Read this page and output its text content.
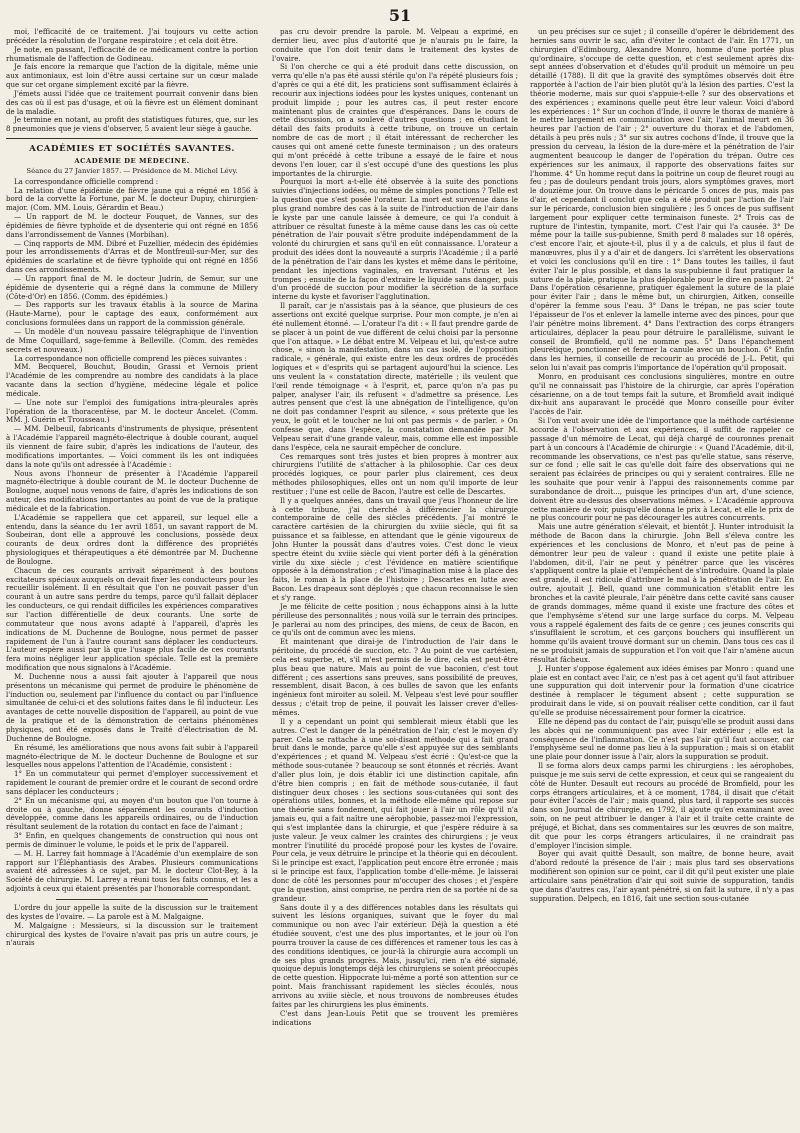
51

moi, l'efficacité de ce traitement. J'ai toujours vu cette action précéder la résolution de l'organe respiratoire ; et cela doit être.

Je note, en passant, l'efficacité de ce médicament contre la portion rhumatismale de l'affection de Godineau.

Je fais encore la remarque que l'action de la digitale, même unie aux antimoniaux, est loin d'être aussi certaine sur un cœur malade que sur cet organe simplement excité par la fièvre.

J'émets aussi l'idée que ce traitement pourrait convenir dans bien des cas où il est pas d'usage, et où la fièvre est un élément dominant de la maladie.

Je termine en notant, au profit des statistiques futures, que, sur les 8 pneumonies que je viens d'observer, 5 avaient leur siège à gauche.

ACADÉMIES ET SOCIÉTÉS SAVANTES.
ACADÉMIE DE MÉDECINE.
Séance du 27 Janvier 1857. — Présidence de M. Michel Lévy.

La correspondance officielle comprend :

La relation d'une épidémie de fièvre jaune qui a régné en 1856 à bord de la corvette la Fortune, par M. le docteur Dupuy, chirurgien-major. (Com. MM. Louis, Gérardin et Beau.)

— Un rapport de M. le docteur Fouquet, de Vannes, sur des épidémies de fièvre typhoïde et de dysenterie qui ont régné en 1856 dans l'arrondissement de Vannes (Morbihan).

— Cinq rapports de MM. Dibré et Fuzellier, médecin des épidémies pour les arrondissements d'Arras et de Montfreuil-sur-Mer, sur des épidémies de scarlatine et de fièvre typhoïde qui ont régné en 1856 dans ces arrondissements.

— Un rapport final de M. le docteur Judrin, de Semur, sur une épidémie de dysenterie qui a régné dans la commune de Millery (Côte-d'Or) en 1856. (Comm. des épidémies.)

— Des rapports sur les travaux établis à la source de Marina (Haute-Marne), pour le captage des eaux, conformément aux conclusions formulées dans un rapport de la commission générale.

— Un modèle d'un nouveau passaire télégraphique de l'invention de Mme Coquillard, sage-femme à Belleville. (Comm. des remèdes secrets et nouveaux.)

La correspondance non officielle comprend les pièces suivantes :

MM. Becquerel, Bouchut, Boudin, Grassi et Vernois prient l'Académie de les comprendre au nombre des candidats à la place vacante dans la section d'hygiène, médecine légale et police médicale.

— Une note sur l'emploi des fumigations intra-pleurales après l'opération de la thoracentèse, par M. le docteur Ancelet. (Comm. MM. J. Guérin et Trousseau.)

— MM. Delbeuil, fabricants d'instruments de physique, présentent à l'Académie l'appareil magnéto-électrique à double courant, auquel ils viennent de faire subir, d'après les indications de l'auteur, des modifications importantes. — Voici comment ils les ont indiquées dans la note qu'ils ont adressée à l'Académie :

Nous avons l'honneur de présenter à l'Académie l'appareil magnéto-électrique à double courant de M. le docteur Duchenne de Boulogne, auquel nous venons de faire, d'après les indications de son auteur, des modifications importantes au point de vue de la pratique médicale et de la fabrication.

L'Académie se rappellera que cet appareil, sur lequel elle a entendu, dans la séance du 1er avril 1851, un savant rapport de M. Soubeiran, dont elle a approuvé les conclusions, possède deux courants de deux ordres dont la différence des propriétés physiologiques et thérapeutiques a été démontrée par M. Duchenne de Boulogne.

Chacun de ces courants arrivait séparément à des boutons excitateurs spéciaux auxquels on devait fixer les conducteurs pour les recueillir isolément. Il en résultait que l'on ne pouvait passer d'un courant à un autre sans perdre du temps, parce qu'il fallait déplacer les conducteurs, ce qui rendait difficiles les expériences comparatives sur l'action différentielle de deux courants. Une sorte de commutateur que nous avons adapté à l'appareil, d'après les indications de M. Duchenne de Boulogne, nous permet de passer rapidement de l'un à l'autre courant sans déplacer les conducteurs. L'auteur espère aussi par là que l'usage plus facile de ces courants fera moins négliger leur application spéciale. Telle est la première modification que nous signalons à l'Académie.

M. Duchenne nous a aussi fait ajouter à l'appareil que nous présentons un mécanisme qui permet de produire le phénomène de l'induction ou, seulement par l'influence du contact ou par l'influence simultanée de celui-ci et des solutions faites dans le fil inducteur. Les avantages de cette nouvelle disposition de l'appareil, au point de vue de la pratique et de la démonstration de certains phénomènes physiques, ont été exposés dans le Traité d'électrisation de M. Duchenne de Boulogne.

En résumé, les améliorations que nous avons fait subir à l'appareil magnéto-électrique de M. le docteur Duchenne de Boulogne et sur lesquelles nous appelons l'attention de l'Académie, consistent :

1° En un commutateur qui permet d'employer successivement et rapidement le courant de premier ordre et le courant de second ordre sans déplacer les conducteurs ;

2° En un mécanisme qui, au moyen d'un bouton que l'on tourne à droite ou à gauche, donne séparément les courants d'induction développée, comme dans les appareils ordinaires, ou de l'induction résultant seulement de la rotation du contact en face de l'aimant ;

3° Enfin, en quelques changements de construction qui nous ont permis de diminuer le volume, le poids et le prix de l'appareil.

— M. H. Larrey fait hommage à l'Académie d'un exemplaire de son rapport sur l'Éléphantiasis des Arabes. Plusieurs communications avaient été adressées à ce sujet, par M. le docteur Clot-Bey, à la Société de chirurgie. M. Larrey a réuni tous les faits connus, et les a adjoints à ceux qui étaient présentés par l'honorable correspondant.

L'ordre du jour appelle la suite de la discussion sur le traitement des kystes de l'ovaire. — La parole est à M. Malgaigne.

M. Malgaigne : Messieurs, si la discussion sur le traitement chirurgical des kystes de l'ovaire n'avait pas pris un autre cours, je n'aurais

pas cru devoir prendre la parole. M. Velpeau a exprimé, en dernier lieu, avec plus d'autorité que je n'aurais pu le faire, la conduite que l'on doit tenir dans le traitement des kystes de l'ovaire.

Si l'on cherche ce qui a été produit dans cette discussion, on verra qu'elle n'a pas été aussi stérile qu'on l'a répété plusieurs fois ; d'après ce qui a été dit, les praticiens sont suffisamment éclairés à recourir aux injections iodées pour les kystes uniques, contenant un produit limpide ; pour les autres cas, il peut rester encore maintenant plus de craintes que d'espérances. Dans le cours de cette discussion, on a soulevé d'autres questions ; en étudiant le détail des faits produits à cette tribune, on trouve un certain nombre de cas de mort ; il était intéressant de rechercher les causes qui ont amené cette funeste terminaison ; un des orateurs qui m'ont précédé à cette tribune a essayé de le faire et nous devons l'en louer, car il s'est occupé d'une des questions les plus importantes de la chirurgie.

Pourquoi la mort a-t-elle été observée à la suite des ponctions suivies d'injections iodées, ou même de simples ponctions ? Telle est la question que s'est posée l'orateur. La mort est survenue dans le plus grand nombre des cas à la suite de l'introduction de l'air dans le kyste par une canule laissée à demeure, ce qui l'a conduit à attribuer ce résultat funeste à la même cause dans les cas où cette pénétration de l'air pouvait s'être produite indépendamment de la volonté du chirurgien et sans qu'il en eût connaissance. L'orateur a produit des idées dont la nouveauté a surpris l'Académie ; il a parlé de la pénétration de l'air dans les kystes et même dans le péritoine, pendant les injections vaginales, en traversant l'utérus et les trompes ; ensuite de la façon d'extraire le liquide sans danger, puis d'un procédé de succion pour modifier la sécrétion de la surface interne du kyste et favoriser l'agglutination.

Il paraît, car je n'assistais pas à la séance, que plusieurs de ces assertions ont excité quelque surprise. Pour mon compte, je n'en ai été nullement étonné. — L'orateur l'a dit : « Il faut prendre garde de se placer à un point de vue différent de celui choisi par la personne que l'on attaque. » Le débat entre M. Velpeau et lui, qu'est-ce autre chose, « sinon la manifestation, dans un cas isolé, de l'opposition radicale, « générale, qui existe entre les deux ordres de procédés logiques et « d'esprits qui se partagent aujourd'hui la science. Les uns veulent la « constatation directe, matérielle ; ils veulent que l'œil rende témoignage « à l'esprit, et, parce qu'on n'a pas pu palper, analyser l'air, ils refusent « d'admettre sa présence. Les autres pensent que c'est là une abnégation de l'intelligence, qu'on ne doit pas condamner l'esprit au silence, « sous prétexte que les yeux, le goût et le toucher ne lui ont pas permis « de parler. » On confesse que, dans l'espèce, la constatation demandée par M. Velpeau serait d'une grande valeur, mais, comme elle est impossible dans l'espèce, cela ne saurait empêcher de conclure.

Ces remarques sont très justes et bien propres à montrer aux chirurgiens l'utilité de s'attacher à la philosophie. Car ces deux procédés logiques, ce pour parler plus clairement, ces deux méthodes philosophiques, elles ont un nom qu'il importe de leur restituer ; l'une est celle de Bacon, l'autre est celle de Descartes.

Il y a quelques années, dans un travail que j'eus l'honneur de lire à cette tribune, j'ai cherché à différencier la chirurgie contemporaine de celle des siècles précédents. J'ai montré le caractère cartésien de la chirurgien du xviiie siècle, qui fit sa puissance et sa faiblesse, en attendant que le génie vigoureux de John Hunter la poussât dans d'autres voies. C'est donc le vieux spectre éteint du xviiie siècle qui vient porter défi à la génération virile du xixe siècle ; c'est l'évidence en matière scientifique opposée à la démonstration ; c'est l'imagination mise à la place des faits, le roman à la place de l'histoire ; Descartes en lutte avec Bacon. Les drapeaux sont déployés ; que chacun reconnaisse le sien et s'y range.

Je me félicite de cette position ; nous échappons ainsi à la lutte périlleuse des personnalités ; nous voilà sur le terrain des principes. Je parlerai au nom des principes, des miens, de ceux de Bacon, en ce qu'ils ont de commun avec les miens.

Et maintenant que dirai-je de l'introduction de l'air dans le péritoine, du procédé de succion, etc. ? Au point de vue cartésien, cela est superbe, et, s'il m'est permis de le dire, cela est peut-être plus beau que nature. Mais au point de vue baconien, c'est tout différent ; ces assertions sans preuves, sans possibilité de preuves, ressemblent, disait Bacon, à ces bulles de savon que les enfants ingénieux font miroiter au soleil. M. Velpeau s'est levé pour souffler dessus ; c'était trop de peine, il pouvait les laisser crever d'elles-mêmes.

Il y a cependant un point qui semblerait mieux établi que les autres. C'est le danger de la pénétration de l'air, c'est le moyen d'y parer. Cela se rattache à une soi-disant méthode qui a fait grand bruit dans le monde, parce qu'elle s'est appuyée sur des semblants d'expériences ; et quand M. Velpeau s'est écrié : Qu'est-ce que la méthode sous-cutanée ? beaucoup se sont étonnés et récriés. Avant d'aller plus loin, je dois établir ici une distinction capitale, afin d'être bien compris ; en fait de méthode sous-cutanée, il faut distinguer deux choses : les sections sous-cutanées qui sont des opérations utiles, bonnes, et la méthode elle-même qui repose sur une théorie sans fondement, qui fait jouer à l'air un rôle qu'il n'a jamais eu, qui a fait naître une aérophobie, passez-moi l'expression, qui s'est implantée dans la chirurgie, et que j'espère réduire à sa juste valeur. Je veux calmer les craintes des chirurgiens ; je veux montrer l'inutilité du procédé proposé pour les kystes de l'ovaire. Pour cela, je veux détruire le principe et la théorie qui en découlent. Si le principe est exact, l'application peut encore être erronée ; mais si le principe est faux, l'application tombe d'elle-même. Je laisserai donc de côté les personnes pour m'occuper des choses ; et j'espère que la question, ainsi comprise, ne perdra rien de sa portée ni de sa grandeur.

Sans doute il y a des différences notables dans les résultats qui suivent les lésions organiques, suivant que le foyer du mal communique ou non avec l'air extérieur. Déjà la question a été étudiée souvent, c'est une des plus importantes, et le jour où l'on pourra trouver la cause de ces différences et ramener tous les cas à des conditions identiques, ce jour-là la chirurgie aura accompli un de ses plus grands progrès. Mais, jusqu'ici, rien n'a été signalé, quoique depuis longtemps déjà les chirurgiens se soient préoccupés de cette question. Hippocrate lui-même a porté son attention sur ce point. Mais franchissant rapidement les siècles écoulés, nous arrivons au xviiie siècle, et nous trouvons de nombreuses études faites par les chirurgiens les plus éminents.

C'est dans Jean-Louis Petit que se trouvent les premières indications

un peu précises sur ce sujet ; il conseille d'opérer le débridement des hernies sans ouvrir le sac, afin d'éviter le contact de l'air. En 1771, un chirurgien d'Edimbourg, Alexandre Monro, homme d'une portée plus qu'ordinaire, s'occupe de cette question, et c'est seulement après dix-sept années d'observation et d'études qu'il produit un mémoire un peu détaillé (1788). Il dit que la gravité des symptômes observés doit être rapportée à l'action de l'air bien plutôt qu'à la lésion des parties. C'est la théorie moderne, mais sur quoi s'appuie-t-elle ? sur des observations et des expériences ; examinons quelle peut être leur valeur. Voici d'abord les expériences : 1° Sur un cochon d'Inde, il ouvre le thorax de manière à le mettre largement en communication avec l'air, l'animal meurt en 36 heures par l'action de l'air ; 2° ouverture du thorax et de l'abdomen, détails à peu près nuls ; 3° sur six autres cochons d'Inde, il trouve que la pression du cerveau, la lésion de la dure-mère et la pénétration de l'air augmentent beaucoup le danger de l'opération du trépan. Outre ces expériences sur les animaux, il rapporte des observations faites sur l'homme. 4° Un homme reçut dans la poitrine un coup de fleuret rougi au feu ; pas de douleurs pendant trois jours, alors symptômes graves, mort le douzième jour. On trouve dans le péricarde 5 onces de pus, mais pas d'air, et cependant il conclut que cela a été produit par l'action de l'air sur le péricarde, conclusion bien singulière ; les 5 onces de pus suffisent largement pour expliquer cette terminaison funeste. 2° Trois cas de rupture de l'intestin, tympanite, mort. C'est l'air qui l'a causée. 3° De même pour la taille sus-pubienne, Smith perd 8 malades sur 18 opérés, c'est encore l'air, et ajoute-t-il, plus il y a de calculs, et plus il faut de manœuvres, plus il y a d'air et de dangers. Ici s'arrêtent les observations et voici les conclusions qu'il en tire : 1° Dans toutes les tailles, il faut éviter l'air le plus possible, et dans la sus-pubienne il faut pratiquer la suture de la plaie, pratique la plus déplorable pour le dire en passant. 2° Dans l'opération césarienne, pratiquer également la suture de la plaie pour éviter l'air ; dans le même but, un chirurgien, Aitken, conseille d'opérer la femme sous l'eau. 3° Dans le trépan, ne pas scier toute l'épaisseur de l'os et enlever la lamelle interne avec des pinces, pour que l'air pénètre moins librement. 4° Dans l'extraction des corps étrangers articulaires, déplacer la peau pour détruire le parallélisme, suivant le conseil de Bromfield, qu'il ne nomme pas. 5° Dans l'épanchement pleurétique, ponctionner et fermer la canule avec un bouchon. 6° Enfin dans les hernies, il conseille de recourir au procédé de J.-L. Petit, qui selon lui n'avait pas compris l'importance de l'opération qu'il proposait.

Monro, en produisant ces conclusions singulières, montre en outre qu'il ne connaissait pas l'histoire de la chirurgie, car après l'opération césarienne, on a de tout temps fait la suture, et Bromfield avait indiqué dix-huit ans auparavant le procédé que Monro conseille pour éviter l'accès de l'air.

Si l'on veut avoir une idée de l'importance que la méthode cartésienne accorde à l'observation et aux expériences, il suffit de rappeler ce passage d'un mémoire de Lecat, qui déjà chargé de couronnes prenait part à un concours à l'Académie de chirurgie : « Quand l'Académie, dit-il, recommande les observations, ce n'est pas qu'elle statue, sans réserve, sur ce fond ; elle sait le cas qu'elle doit faire des observations qui ne seraient pas éclairées de principes ou qui y seraient contraires. Elle ne les souhaite que pour venir à l'appui des raisonnements comme par surabondance de droit..., puisque les principes d'un art, d'une science, doivent être au-dessus des observations mêmes. » L'Académie approuva cette manière de voir, puisqu'elle donna le prix à Lecat, et elle le prix de ne plus concourir pour ne pas décourager les autres concurrents.

Mais une autre génération s'élevait, et bientôt J. Hunter introduisit la méthode de Bacon dans la chirurgie. John Bell s'éleva contre les expériences et les conclusions de Monro, et n'eut pas de peine à démontrer leur peu de valeur : quand il existe une petite plaie à l'abdomen, dit-il, l'air ne peut y pénétrer parce que les viscères s'appliquent contre la plaie et l'empêchent de s'introduire. Quand la plaie est grande, il est ridicule d'attribuer le mal à la pénétration de l'air. En outre, ajoutait J. Bell, quand une communication s'établit entre les bronches et la cavité pleurale, l'air pénètre dans cette cavité sans causer de grands dommages, même quand il existe une fracture des côtes et que l'emphysème s'étend sur une large surface du corps. M. Velpeau vous a rappelé également des faits de ce genre ; ces jeunes conscrits qui s'insufflaient le scrotum, et ces garçons bouchers qui insufflèrent un homme qu'ils avaient trouvé dormant sur un chemin. Dans tous ces cas il ne se produisit jamais de suppuration et l'on voit que l'air n'amène aucun résultat fâcheux.

J. Hunter s'oppose également aux idées émises par Monro : quand une plaie est en contact avec l'air, ce n'est pas à cet agent qu'il faut attribuer une suppuration qui doit intervenir pour la formation d'une cicatrice destinée à remplacer le tégument absent ; cette suppuration se produirait dans le vide, si on pouvait réaliser cette condition, car il faut qu'elle se produise nécessairement pour former la cicatrice.

Elle ne dépend pas du contact de l'air, puisqu'elle se produit aussi dans les abcès qui ne communiquent pas avec l'air extérieur ; elle est la conséquence de l'inflammation. Ce n'est pas l'air qu'il faut accuser, car l'emphysème seul ne donne pas lieu à la suppuration ; mais si on établit une plaie pour donner issue à l'air, alors la suppuration se produit.

Il se forma alors deux camps parmi les chirurgiens : les aérophobes, puisque je me suis servi de cette expression, et ceux qui se rangeaient du côté de Hunter. Desault eut recours au procédé de Bromfield, pour les corps étrangers articulaires, et à ce moment, 1784, il disait que c'était pour éviter l'accès de l'air ; mais quand, plus tard, il rapporte ses succès dans son Journal de chirurgie, en 1792, il ajoute qu'en examinant avec soin, on ne peut attribuer le danger à l'air et il traite cette crainte de préjugé, et Bichat, dans ses commentaires sur les œuvres de son maître, dit que pour les corps étrangers articulaires, il ne craindrait pas d'employer l'incision simple.

Boyer qui avait quitté Desault, son maître, de bonne heure, avait d'abord redouté la présence de l'air ; mais plus tard ses observations modifièrent son opinion sur ce point, car il dit qu'il peut exister une plaie articulaire sans pénétration d'air qui soit suivie de suppuration, tandis que dans d'autres cas, l'air ayant pénétré, si on fait la suture, il n'y a pas suppuration. Delpech, en 1816, fait une section sous-cutanée
